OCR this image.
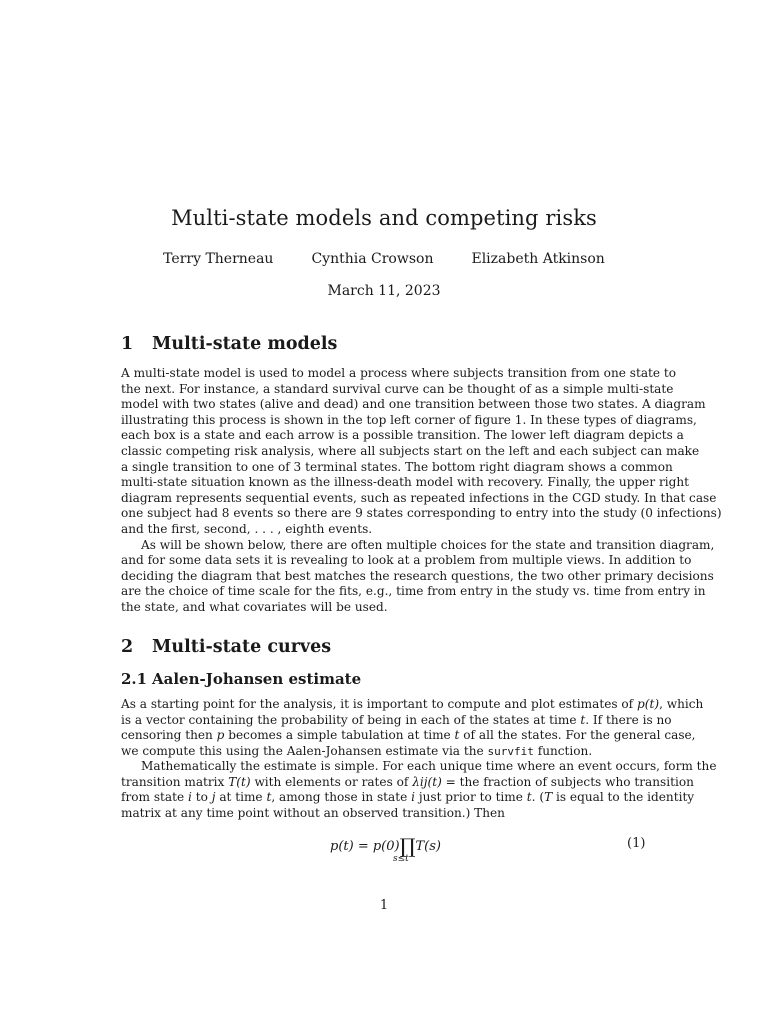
Multi-state models and competing risks
Terry Therneau	Cynthia Crowson	Elizabeth Atkinson
March 11, 2023
1 Multi-state models
A multi-state model is used to model a process where subjects transition from one state to
the next. For instance, a standard survival curve can be thought of as a simple multi-state
model with two states (alive and dead) and one transition between those two states. A diagram
illustrating this process is shown in the top left corner of figure 1. In these types of diagrams,
each box is a state and each arrow is a possible transition. The lower left diagram depicts a
classic competing risk analysis, where all subjects start on the left and each subject can make
a single transition to one of 3 terminal states. The bottom right diagram shows a common
multi-state situation known as the illness-death model with recovery. Finally, the upper right
diagram represents sequential events, such as repeated infections in the CGD study. In that case
one subject had 8 events so there are 9 states corresponding to entry into the study (0 infections)
and the first, second, . . . , eighth events.
As will be shown below, there are often multiple choices for the state and transition diagram,
and for some data sets it is revealing to look at a problem from multiple views. In addition to
deciding the diagram that best matches the research questions, the two other primary decisions
are the choice of time scale for the fits, e.g., time from entry in the study vs. time from entry in
the state, and what covariates will be used.
2 Multi-state curves
2.1 Aalen-Johansen estimate
As a starting point for the analysis, it is important to compute and plot estimates of p(t), which
is a vector containing the probability of being in each of the states at time t. If there is no
censoring then p becomes a simple tabulation at time t of all the states. For the general case,
we compute this using the Aalen-Johansen estimate via the survfit function.
Mathematically the estimate is simple. For each unique time where an event occurs, form the
transition matrix T(t) with elements or rates of λij(t) = the fraction of subjects who transition
from state i to j at time t, among those in state i just prior to time t. (T is equal to the identity
matrix at any time point without an observed transition.) Then
p(t) = p(0)∏T(s)
s≤t
(1)
1
